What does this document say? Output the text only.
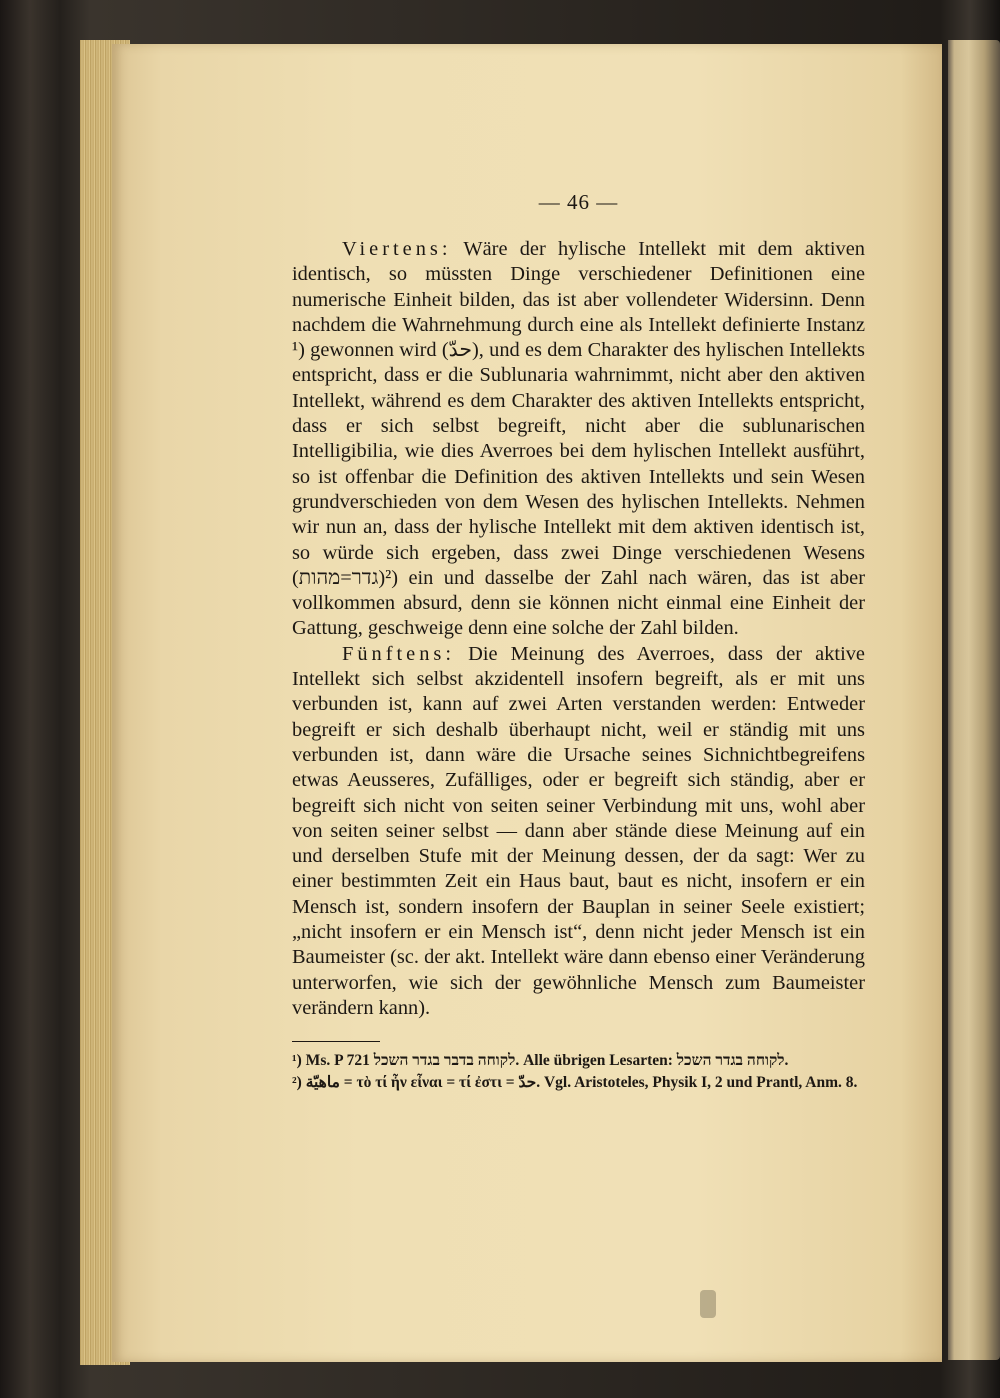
— 46 —

Viertens: Wäre der hylische Intellekt mit dem aktiven identisch, so müssten Dinge verschiedener Definitionen eine numerische Einheit bilden, das ist aber vollendeter Widersinn. Denn nachdem die Wahrnehmung durch eine als Intellekt definierte Instanz ¹) gewonnen wird (حدّ), und es dem Charakter des hylischen Intellekts entspricht, dass er die Sublunaria wahrnimmt, nicht aber den aktiven Intellekt, während es dem Charakter des aktiven Intellekts entspricht, dass er sich selbst begreift, nicht aber die sublunarischen Intelligibilia, wie dies Averroes bei dem hylischen Intellekt ausführt, so ist offenbar die Definition des aktiven Intellekts und sein Wesen grundverschieden von dem Wesen des hylischen Intellekts. Nehmen wir nun an, dass der hylische Intellekt mit dem aktiven identisch ist, so würde sich ergeben, dass zwei Dinge verschiedenen Wesens (גדר=מהות)²) ein und dasselbe der Zahl nach wären, das ist aber vollkommen absurd, denn sie können nicht einmal eine Einheit der Gattung, geschweige denn eine solche der Zahl bilden.

Fünftens: Die Meinung des Averroes, dass der aktive Intellekt sich selbst akzidentell insofern begreift, als er mit uns verbunden ist, kann auf zwei Arten verstanden werden: Entweder begreift er sich deshalb überhaupt nicht, weil er ständig mit uns verbunden ist, dann wäre die Ursache seines Sichnichtbegreifens etwas Aeusseres, Zufälliges, oder er begreift sich ständig, aber er begreift sich nicht von seiten seiner Verbindung mit uns, wohl aber von seiten seiner selbst — dann aber stände diese Meinung auf ein und derselben Stufe mit der Meinung dessen, der da sagt: Wer zu einer bestimmten Zeit ein Haus baut, baut es nicht, insofern er ein Mensch ist, sondern insofern der Bauplan in seiner Seele existiert; „nicht insofern er ein Mensch ist“, denn nicht jeder Mensch ist ein Baumeister (sc. der akt. Intellekt wäre dann ebenso einer Veränderung unterworfen, wie sich der gewöhnliche Mensch zum Baumeister verändern kann).

¹) Ms. P 721 לקוחה בדבר בגדר השכל. Alle übrigen Lesarten: לקוחה בגדר השכל.

²) ماهيّة = τὸ τί ἦν εἶναι = τί ἐστι = حدّ. Vgl. Aristoteles, Physik I, 2 und Prantl, Anm. 8.
